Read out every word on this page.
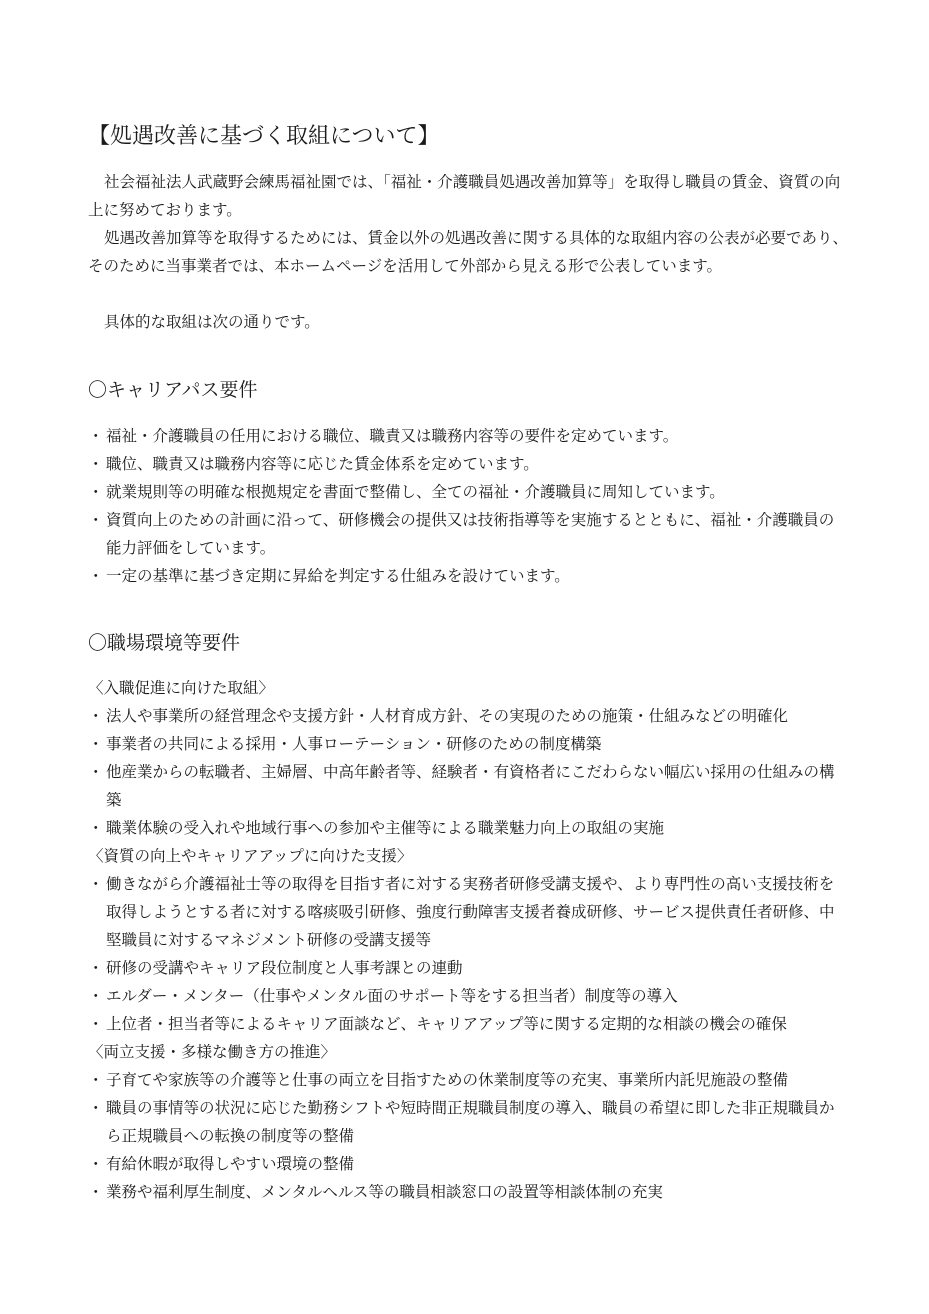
【処遇改善に基づく取組について】

社会福祉法人武蔵野会練馬福祉園では、「福祉・介護職員処遇改善加算等」を取得し職員の賃金、資質の向上に努めております。

処遇改善加算等を取得するためには、賃金以外の処遇改善に関する具体的な取組内容の公表が必要であり、そのために当事業者では、本ホームページを活用して外部から見える形で公表しています。

具体的な取組は次の通りです。

〇キャリアパス要件
・ 福祉・介護職員の任用における職位、職責又は職務内容等の要件を定めています。
・ 職位、職責又は職務内容等に応じた賃金体系を定めています。
・ 就業規則等の明確な根拠規定を書面で整備し、全ての福祉・介護職員に周知しています。
・ 資質向上のための計画に沿って、研修機会の提供又は技術指導等を実施するとともに、福祉・介護職員の能力評価をしています。
・ 一定の基準に基づき定期に昇給を判定する仕組みを設けています。
〇職場環境等要件
〈入職促進に向けた取組〉
・ 法人や事業所の経営理念や支援方針・人材育成方針、その実現のための施策・仕組みなどの明確化
・ 事業者の共同による採用・人事ローテーション・研修のための制度構築
・ 他産業からの転職者、主婦層、中高年齢者等、経験者・有資格者にこだわらない幅広い採用の仕組みの構築
・ 職業体験の受入れや地域行事への参加や主催等による職業魅力向上の取組の実施
〈資質の向上やキャリアアップに向けた支援〉
・ 働きながら介護福祉士等の取得を目指す者に対する実務者研修受講支援や、より専門性の高い支援技術を取得しようとする者に対する喀痰吸引研修、強度行動障害支援者養成研修、サービス提供責任者研修、中堅職員に対するマネジメント研修の受講支援等
・ 研修の受講やキャリア段位制度と人事考課との連動
・ エルダー・メンター（仕事やメンタル面のサポート等をする担当者）制度等の導入
・ 上位者・担当者等によるキャリア面談など、キャリアアップ等に関する定期的な相談の機会の確保
〈両立支援・多様な働き方の推進〉
・ 子育てや家族等の介護等と仕事の両立を目指すための休業制度等の充実、事業所内託児施設の整備
・ 職員の事情等の状況に応じた勤務シフトや短時間正規職員制度の導入、職員の希望に即した非正規職員から正規職員への転換の制度等の整備
・ 有給休暇が取得しやすい環境の整備
・ 業務や福利厚生制度、メンタルヘルス等の職員相談窓口の設置等相談体制の充実
